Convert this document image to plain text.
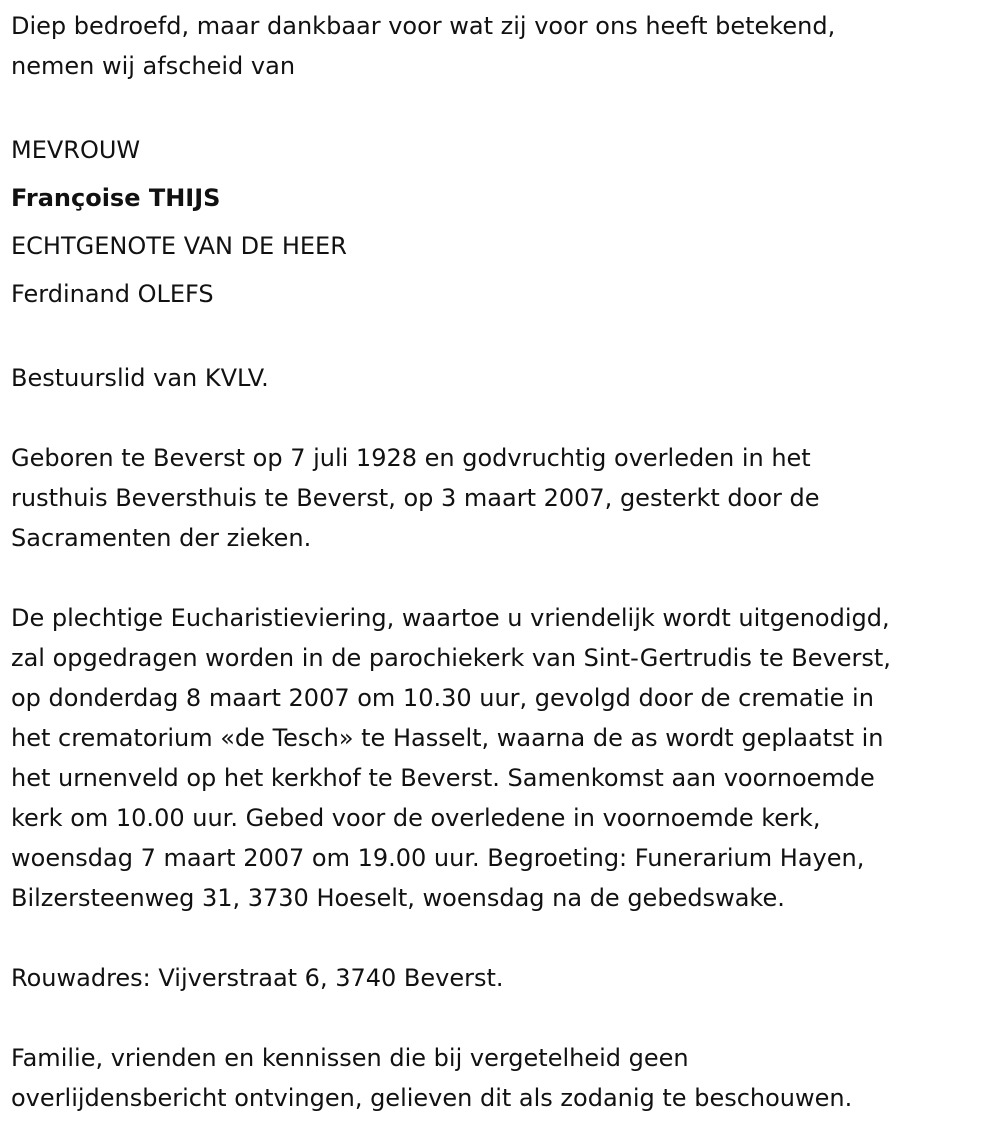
Diep bedroefd, maar dankbaar voor wat zij voor ons heeft betekend,
nemen wij afscheid van
MEVROUW
Françoise THIJS
ECHTGENOTE VAN DE HEER
Ferdinand OLEFS
Bestuurslid van KVLV.
Geboren te Beverst op 7 juli 1928 en godvruchtig overleden in het
rusthuis Beversthuis te Beverst, op 3 maart 2007, gesterkt door de
Sacramenten der zieken.
De plechtige Eucharistieviering, waartoe u vriendelijk wordt uitgenodigd,
zal opgedragen worden in de parochiekerk van Sint-Gertrudis te Beverst,
op donderdag 8 maart 2007 om 10.30 uur, gevolgd door de crematie in
het crematorium «de Tesch» te Hasselt, waarna de as wordt geplaatst in
het urnenveld op het kerkhof te Beverst. Samenkomst aan voornoemde
kerk om 10.00 uur. Gebed voor de overledene in voornoemde kerk,
woensdag 7 maart 2007 om 19.00 uur. Begroeting: Funerarium Hayen,
Bilzersteenweg 31, 3730 Hoeselt, woensdag na de gebedswake.
Rouwadres: Vijverstraat 6, 3740 Beverst.
Familie, vrienden en kennissen die bij vergetelheid geen
overlijdensbericht ontvingen, gelieven dit als zodanig te beschouwen.
